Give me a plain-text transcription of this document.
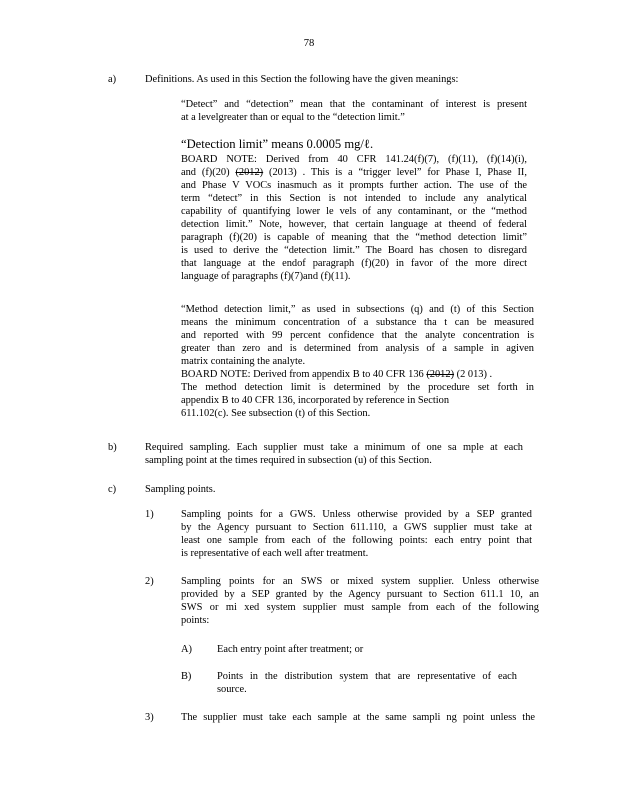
78
a)	Definitions. As used in this Section the following have the given meanings:
“Detect” and “detection” mean that the contaminant of interest is present
at a levelgreater than or equal to the “detection limit.”
“Detection limit” means 0.0005 mg/ℓ.
BOARD NOTE: Derived from 40 CFR 141.24(f)(7), (f)(11), (f)(14)(i),
and (f)(20) (2012) (2013) . This is a “trigger level” for Phase I, Phase II,
and Phase V VOCs inasmuch as it prompts further action. The use of the
term “detect” in this Section is not intended to include any analytical
capability of quantifying lower le vels of any contaminant, or the “method
detection limit.” Note, however, that certain language at theend of federal
paragraph (f)(20) is capable of meaning that the “method detection limit”
is used to derive the “detection limit.” The Board has chosen to disregard
that language at the endof paragraph (f)(20) in favor of the more direct
language of paragraphs (f)(7)and (f)(11).
“Method detection limit,” as used in subsections (q) and (t) of this Section
means the minimum concentration of a substance tha t can be measured
and reported with 99 percent confidence that the analyte concentration is
greater than zero and is determined from analysis of a sample in agiven
matrix containing the analyte.
BOARD NOTE: Derived from appendix B to 40 CFR 136 (2012) (2 013) .
The method detection limit is determined by the procedure set forth in
appendix B to 40 CFR 136, incorporated by reference in Section
611.102(c). See subsection (t) of this Section.
b)	Required sampling. Each supplier must take a minimum of one sa mple at each
sampling point at the times required in subsection (u) of this Section.
c)	Sampling points.
1)	Sampling points for a GWS. Unless otherwise provided by a SEP granted
by the Agency pursuant to Section 611.110, a GWS supplier must take at
least one sample from each of the following points: each entry point that
is representative of each well after treatment.
2)	Sampling points for an SWS or mixed system supplier. Unless otherwise
provided by a SEP granted by the Agency pursuant to Section 611.1 10, an
SWS or mi xed system supplier must sample from each of the following
points:
A) Each entry point after treatment; or
B) Points in the distribution system that are representative of each
source.
3)	The supplier must take each sample at the same sampli ng point unless the
